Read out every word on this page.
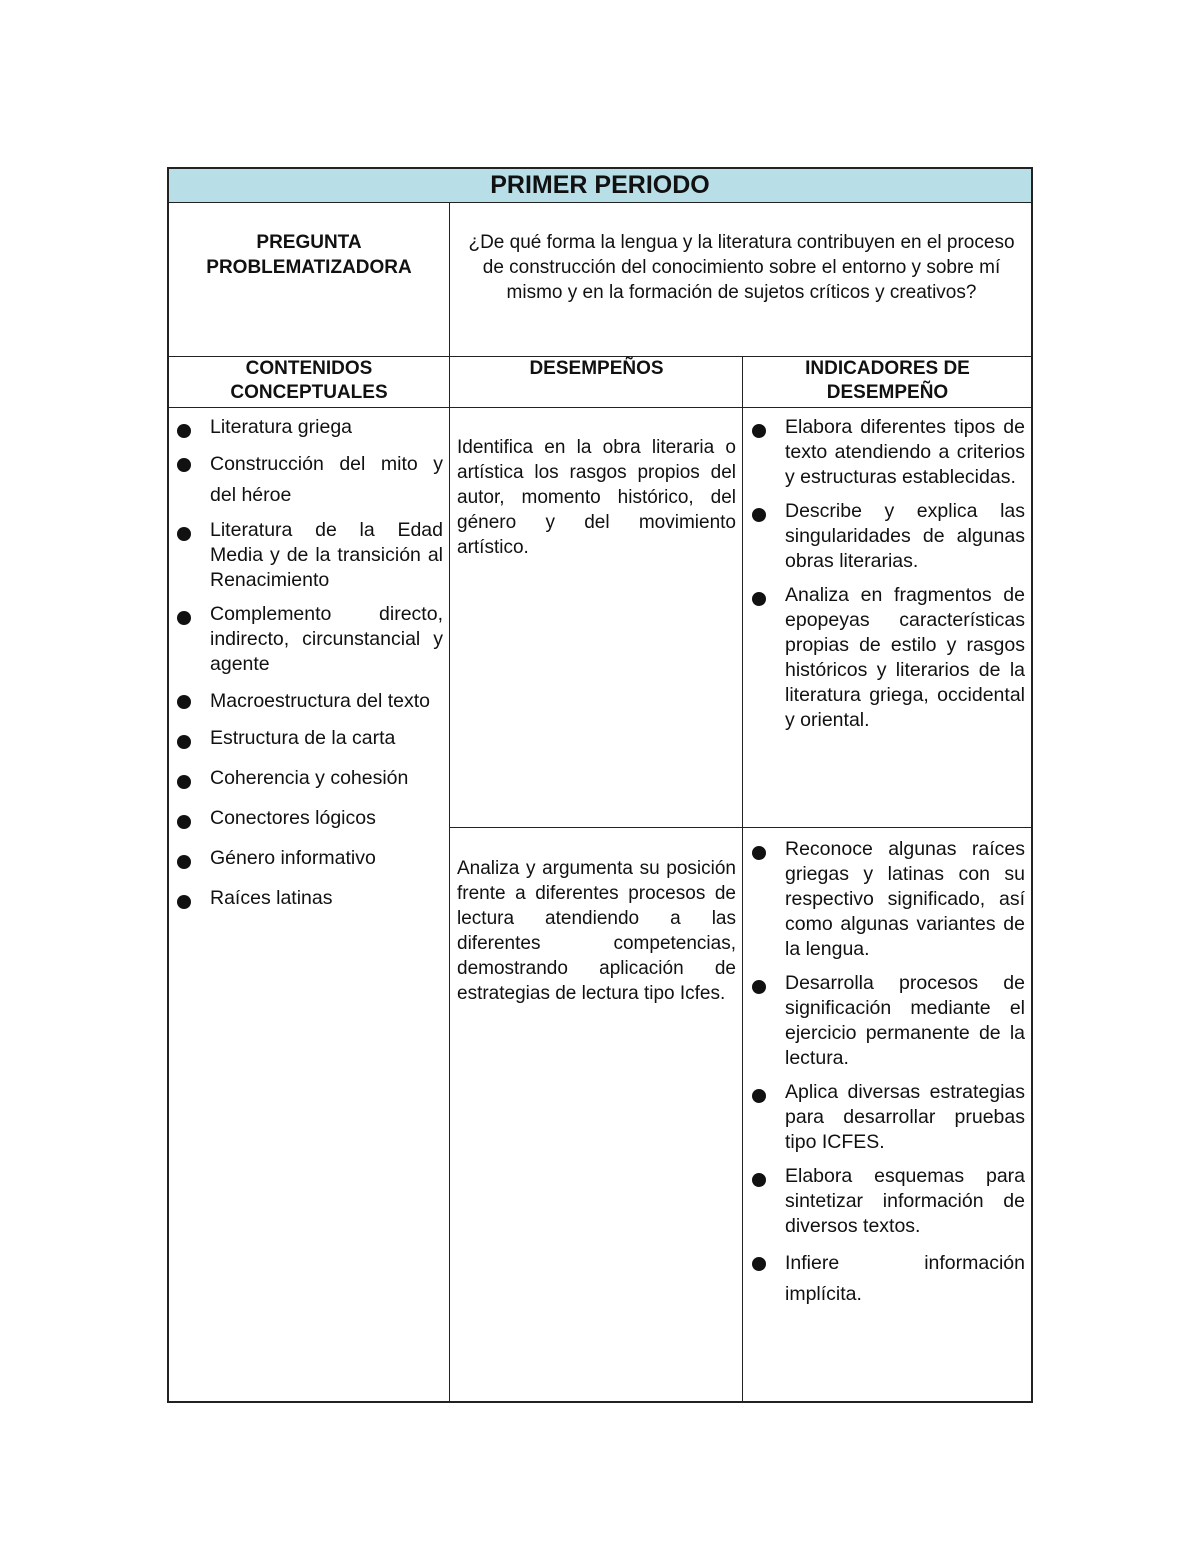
PRIMER PERIODO
PREGUNTA PROBLEMATIZADORA
¿De qué forma la lengua y la literatura contribuyen en el proceso de construcción del conocimiento sobre el entorno y sobre mí mismo y en la formación de sujetos críticos y creativos?
CONTENIDOS CONCEPTUALES
DESEMPEÑOS	INDICADORES DE DESEMPEÑO
Literatura griega
Construcción del mito y del héroe
Literatura de la Edad Media y de la transición al Renacimiento
Complemento directo, indirecto, circunstancial y agente
Macroestructura del texto
Estructura de la carta
Coherencia y cohesión
Conectores lógicos
Género informativo
Raíces latinas
Identifica en la obra literaria o artística los rasgos propios del autor, momento histórico, del género y del movimiento artístico.
Analiza y argumenta su posición frente a diferentes procesos de lectura atendiendo a las diferentes competencias, demostrando aplicación de estrategias de lectura tipo Icfes.
Elabora diferentes tipos de texto atendiendo a criterios y estructuras establecidas.
Describe y explica las singularidades de algunas obras literarias.
Analiza en fragmentos de epopeyas características propias de estilo y rasgos históricos y literarios de la literatura griega, occidental y oriental.
Reconoce algunas raíces griegas y latinas con su respectivo significado, así como algunas variantes de la lengua.
Desarrolla procesos de significación mediante el ejercicio permanente de la lectura.
Aplica diversas estrategias para desarrollar pruebas tipo ICFES.
Elabora esquemas para sintetizar información de diversos textos.
Infiere información implícita.
